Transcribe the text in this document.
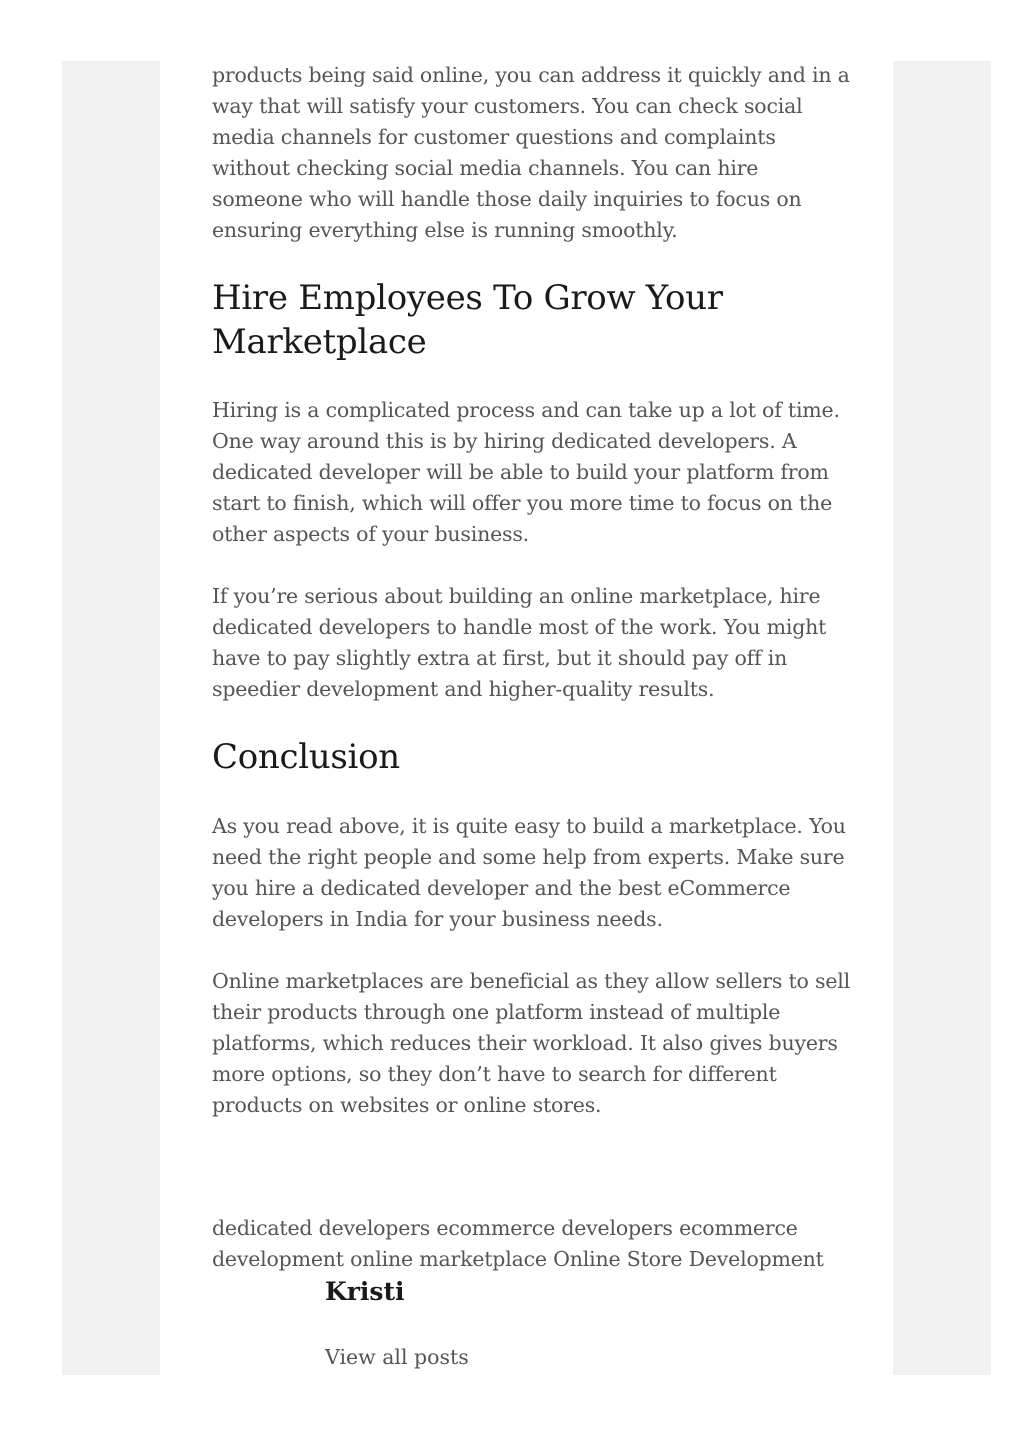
products being said online, you can address it quickly and in a way that will satisfy your customers. You can check social media channels for customer questions and complaints without checking social media channels. You can hire someone who will handle those daily inquiries to focus on ensuring everything else is running smoothly.

Hire Employees To Grow Your Marketplace

Hiring is a complicated process and can take up a lot of time. One way around this is by hiring dedicated developers. A dedicated developer will be able to build your platform from start to finish, which will offer you more time to focus on the other aspects of your business.

If you’re serious about building an online marketplace, hire dedicated developers to handle most of the work. You might have to pay slightly extra at first, but it should pay off in speedier development and higher-quality results.

Conclusion

As you read above, it is quite easy to build a marketplace. You need the right people and some help from experts. Make sure you hire a dedicated developer and the best eCommerce developers in India for your business needs.

Online marketplaces are beneficial as they allow sellers to sell their products through one platform instead of multiple platforms, which reduces their workload. It also gives buyers more options, so they don’t have to search for different products on websites or online stores.

dedicated developers ecommerce developers ecommerce development online marketplace Online Store Development

Kristi
View all posts
